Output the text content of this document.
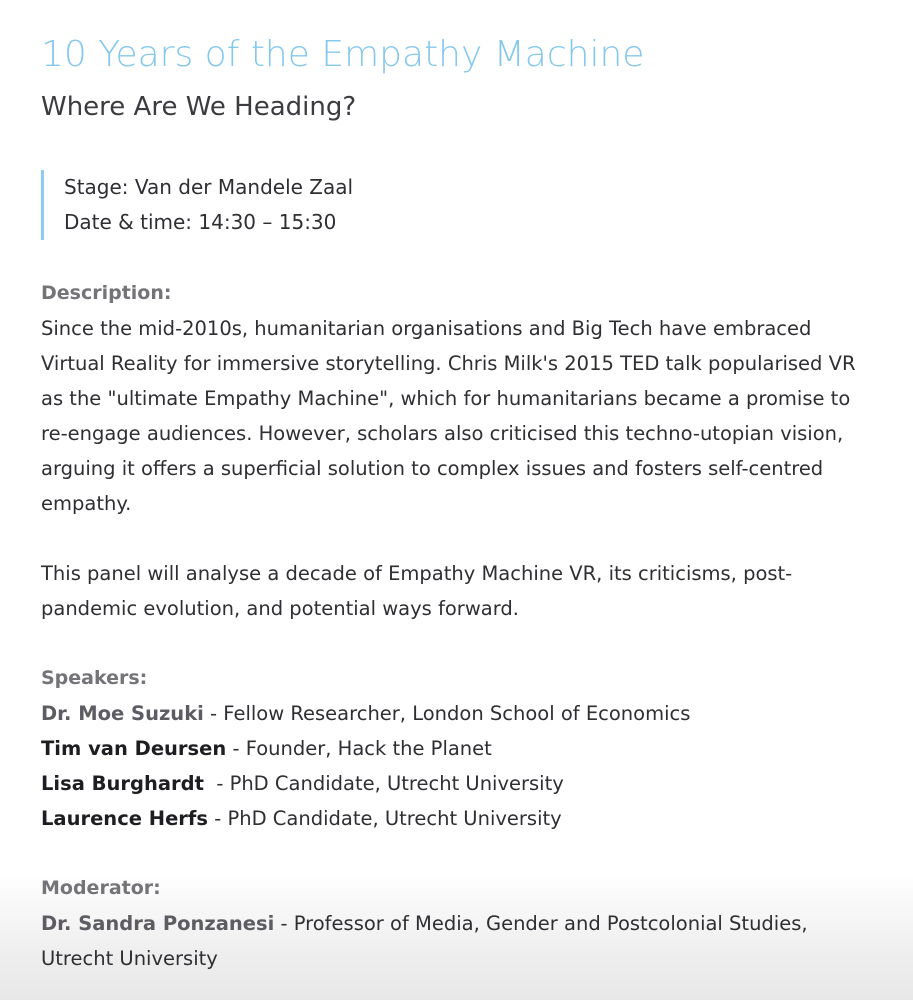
10 Years of the Empathy Machine
Where Are We Heading?
Stage: Van der Mandele Zaal
Date & time: 14:30 – 15:30
Description:
Since the mid-2010s, humanitarian organisations and Big Tech have embraced Virtual Reality for immersive storytelling. Chris Milk's 2015 TED talk popularised VR as the "ultimate Empathy Machine", which for humanitarians became a promise to re-engage audiences. However, scholars also criticised this techno-utopian vision, arguing it offers a superficial solution to complex issues and fosters self-centred empathy.
This panel will analyse a decade of Empathy Machine VR, its criticisms, post-pandemic evolution, and potential ways forward.
Speakers:
Dr. Moe Suzuki - Fellow Researcher, London School of Economics
Tim van Deursen - Founder, Hack the Planet
Lisa Burghardt  - PhD Candidate, Utrecht University
Laurence Herfs - PhD Candidate, Utrecht University
Moderator:
Dr. Sandra Ponzanesi - Professor of Media, Gender and Postcolonial Studies,
Utrecht University
